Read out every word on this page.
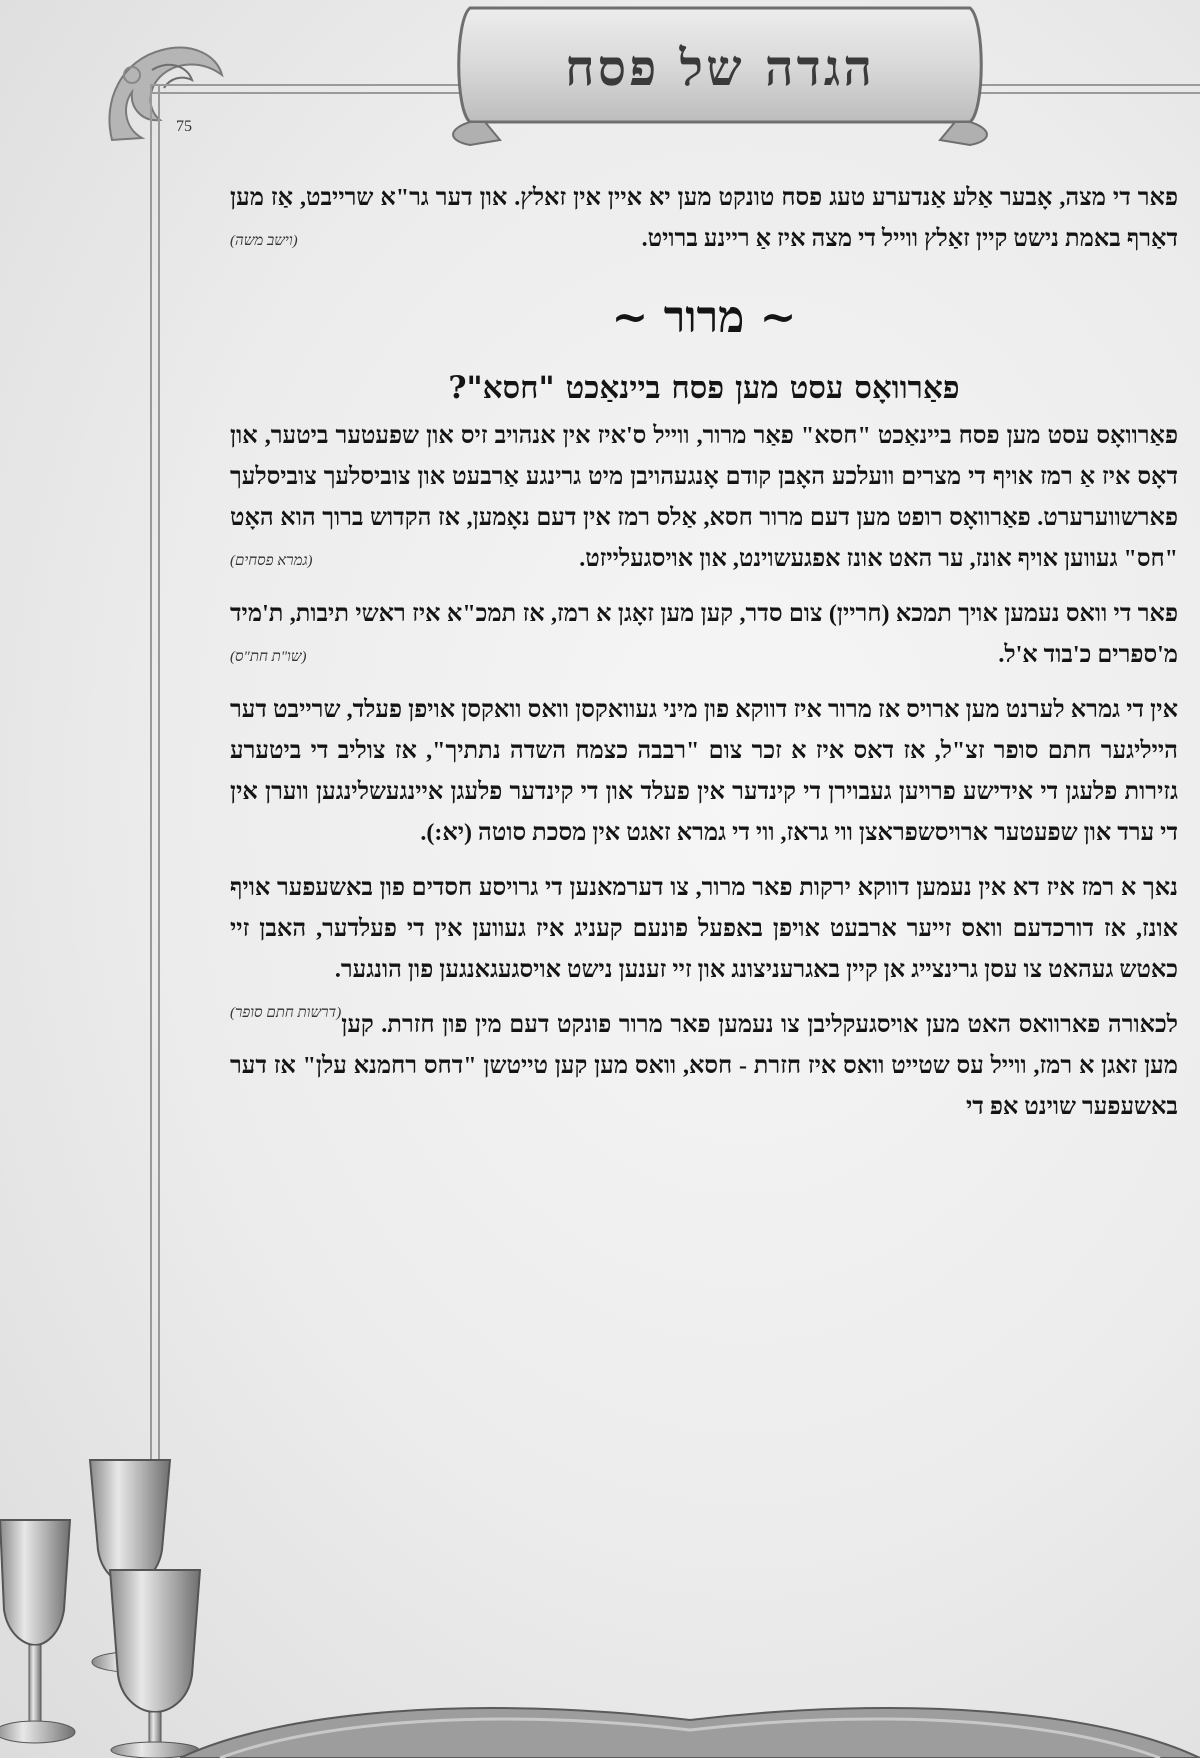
הגדה של פסח
75

פאר די מצה, אָבער אַלע אַנדערע טעג פסח טונקט מען יא איין אין זאלץ. און דער גר"א שרייבט, אַז מען דאַרף באמת נישט קיין זאַלץ ווייל די מצה איז אַ ריינע ברויט.
(וישב משה)

~ מרור ~
פאַרוואָס עסט מען פסח ביינאַכט "חסא"?

פאַרוואָס עסט מען פסח ביינאַכט "חסא" פאַר מרור, ווייל ס'איז אין אנהויב זיס און שפעטער ביטער, און דאָס איז אַ רמז אויף די מצרים וועלכע האָבן קודם אָנגעהויבן מיט גרינגע אַרבעט און צוביסלעך צוביסלעך פארשווערערט. פאַרוואָס רופט מען דעם מרור חסא, אַלס רמז אין דעם נאָמען, אז הקדוש ברוך הוא האָט "חס" געווען אויף אונז, ער האט אונז אפגעשוינט, און אויסגעלייזט.
(גמרא פסחים)

פאר די וואס נעמען אויך תמכא (חריין) צום סדר, קען מען זאָגן א רמז, אז תמכ"א איז ראשי תיבות, ת'מיד מ'ספרים כ'בוד א'ל.
(שו"ת חת"ס)

אין די גמרא לערנט מען ארויס אז מרור איז דווקא פון מיני געוואקסן וואס וואקסן אויפן פעלד, שרייבט דער הייליגער חתם סופר זצ"ל, אז דאס איז א זכר צום "רבבה כצמח השדה נתתיך", אז צוליב די ביטערע גזירות פלעגן די אידישע פרויען געבוירן די קינדער אין פעלד און די קינדער פלעגן איינגעשלינגען ווערן אין די ערד און שפעטער ארויסשפראצן ווי גראז, ווי די גמרא זאגט אין מסכת סוטה (יא:).

נאך א רמז איז דא אין נעמען דווקא ירקות פאר מרור, צו דערמאנען די גרויסע חסדים פון באשעפער אויף אונז, אז דורכדעם וואס זייער ארבעט אויפן באפעל פונעם קעניג איז געווען אין די פעלדער, האבן זיי כאטש געהאט צו עסן גרינצייג אן קיין באגרעניצונג און זיי זענען נישט אויסגעגאנגען פון הונגער.
(דרשות חתם סופר) לכאורה פארוואס האט מען אויסגעקליבן צו נעמען פאר מרור פונקט דעם מין פון חזרת. קען מען זאגן א רמז, ווייל עס שטייט וואס איז חזרת - חסא, וואס מען קען טייטשן "דחס רחמנא עלן" אז דער באשעפער שוינט אפ די
